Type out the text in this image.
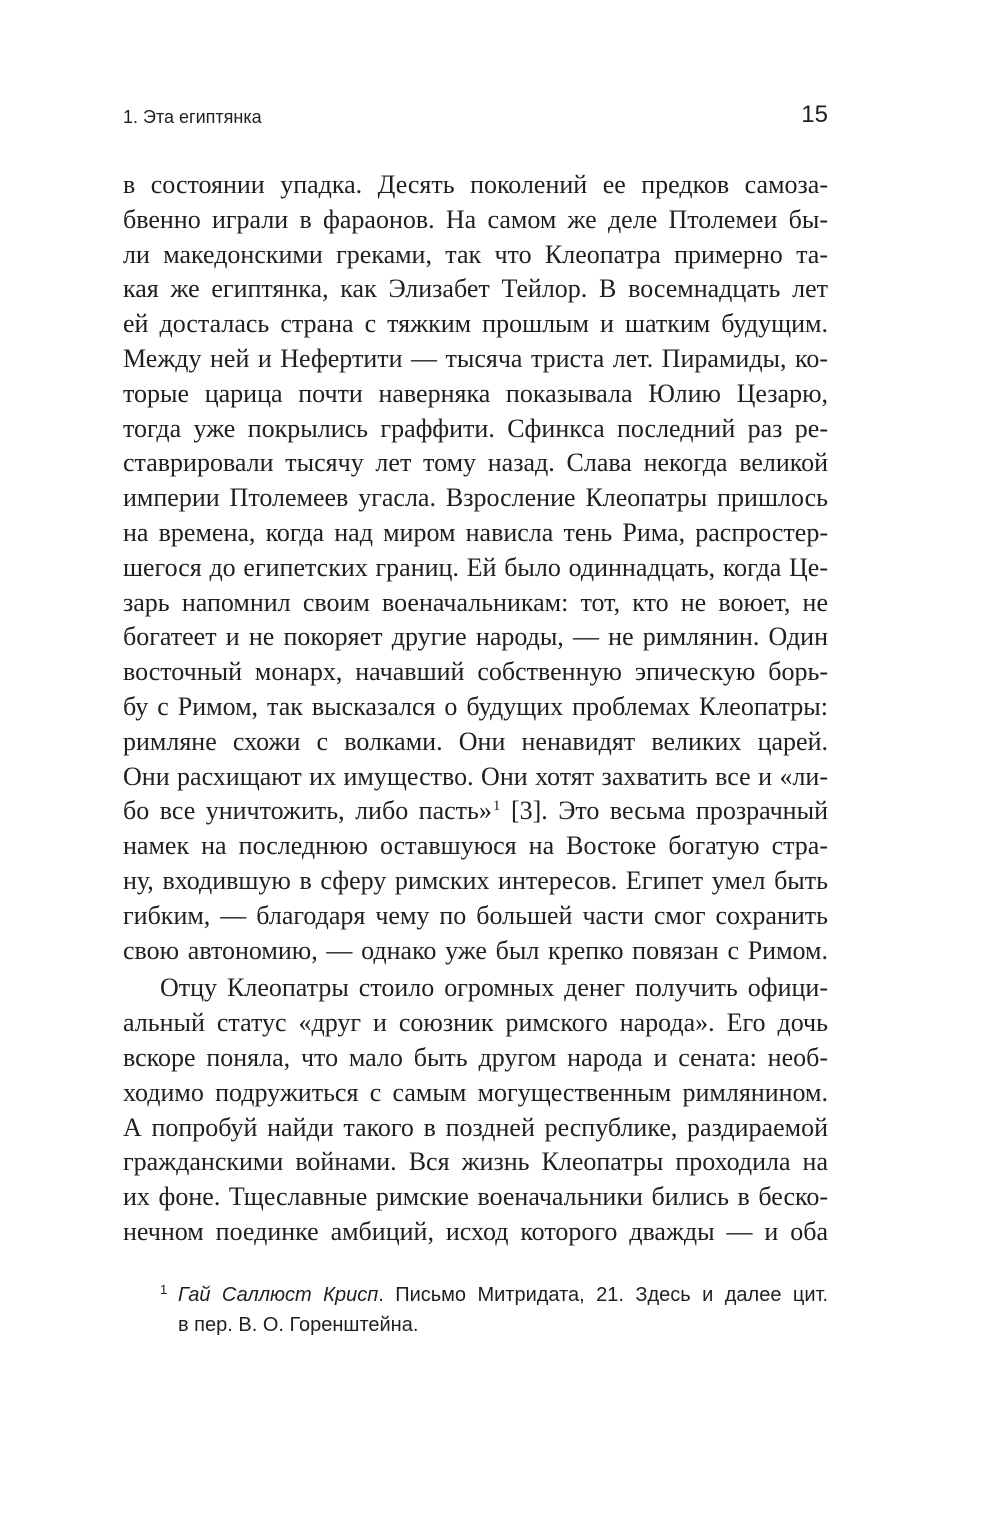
1. Эта египтянка	15
в состоянии упадка. Десять поколений ее предков самоза-
бвенно играли в фараонов. На самом же деле Птолемеи бы-
ли македонскими греками, так что Клеопатра примерно та-
кая же египтянка, как Элизабет Тейлор. В восемнадцать лет
ей досталась страна с тяжким прошлым и шатким будущим.
Между ней и Нефертити — тысяча триста лет. Пирамиды, ко-
торые царица почти наверняка показывала Юлию Цезарю,
тогда уже покрылись граффити. Сфинкса последний раз ре-
ставрировали тысячу лет тому назад. Слава некогда великой
империи Птолемеев угасла. Взросление Клеопатры пришлось
на времена, когда над миром нависла тень Рима, распростер-
шегося до египетских границ. Ей было одиннадцать, когда Це-
зарь напомнил своим военачальникам: тот, кто не воюет, не
богатеет и не покоряет другие народы, — не римлянин. Один
восточный монарх, начавший собственную эпическую борь-
бу с Римом, так высказался о будущих проблемах Клеопатры:
римляне схожи с волками. Они ненавидят великих царей.
Они расхищают их имущество. Они хотят захватить все и «ли-
бо все уничтожить, либо пасть»$^1$ [3]. Это весьма прозрачный
намек на последнюю оставшуюся на Востоке богатую стра-
ну, входившую в сферу римских интересов. Египет умел быть
гибким, — благодаря чему по большей части смог сохранить
свою автономию, — однако уже был крепко повязан с Римом.
Отцу Клеопатры стоило огромных денег получить офици-
альный статус «друг и союзник римского народа». Его дочь
вскоре поняла, что мало быть другом народа и сената: необ-
ходимо подружиться с самым могущественным римлянином.
А попробуй найди такого в поздней республике, раздираемой
гражданскими войнами. Вся жизнь Клеопатры проходила на
их фоне. Тщеславные римские военачальники бились в беско-
нечном поединке амбиций, исход которого дважды — и оба
1 Гай Саллюст Крисп. Письмо Митридата, 21. Здесь и далее цит.
в пер. В. О. Горенштейна.
